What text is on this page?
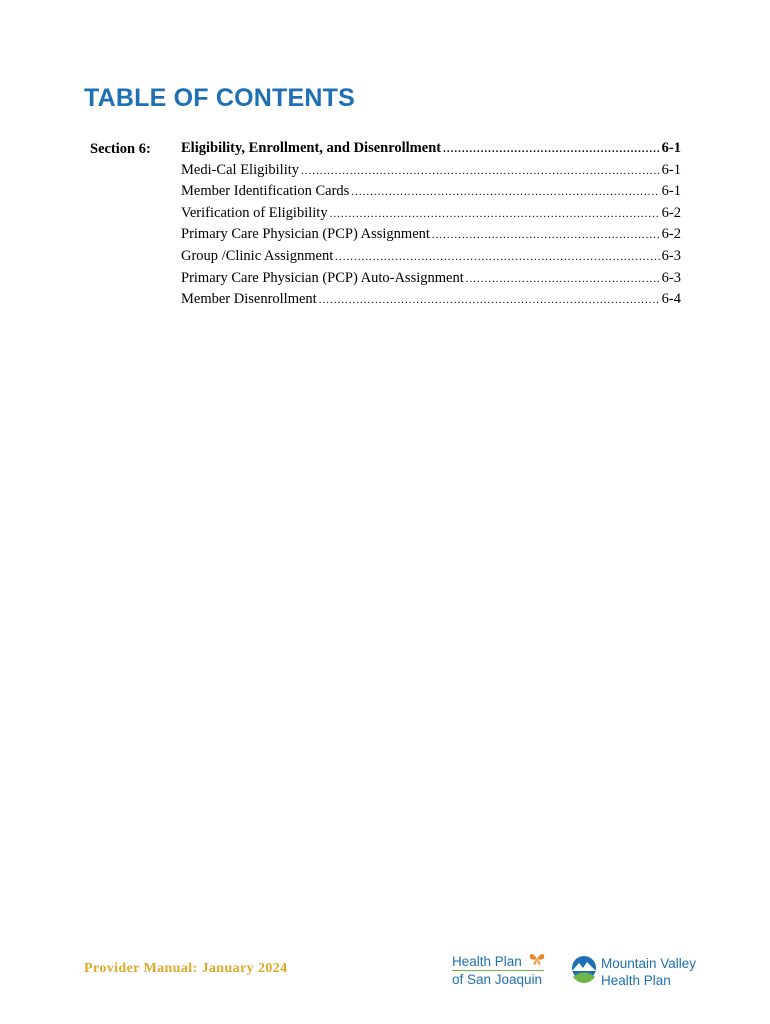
TABLE OF CONTENTS
Section 6: Eligibility, Enrollment, and Disenrollment .....	6-1
Medi-Cal Eligibility .....	6-1
Member Identification Cards .....	6-1
Verification of Eligibility .....	6-2
Primary Care Physician (PCP) Assignment .....	6-2
Group /Clinic Assignment .....	6-3
Primary Care Physician (PCP) Auto-Assignment .....	6-3
Member Disenrollment .....	6-4
Provider Manual: January 2024	Health Plan
of San Joaquin
Mountain Valley
Health Plan
